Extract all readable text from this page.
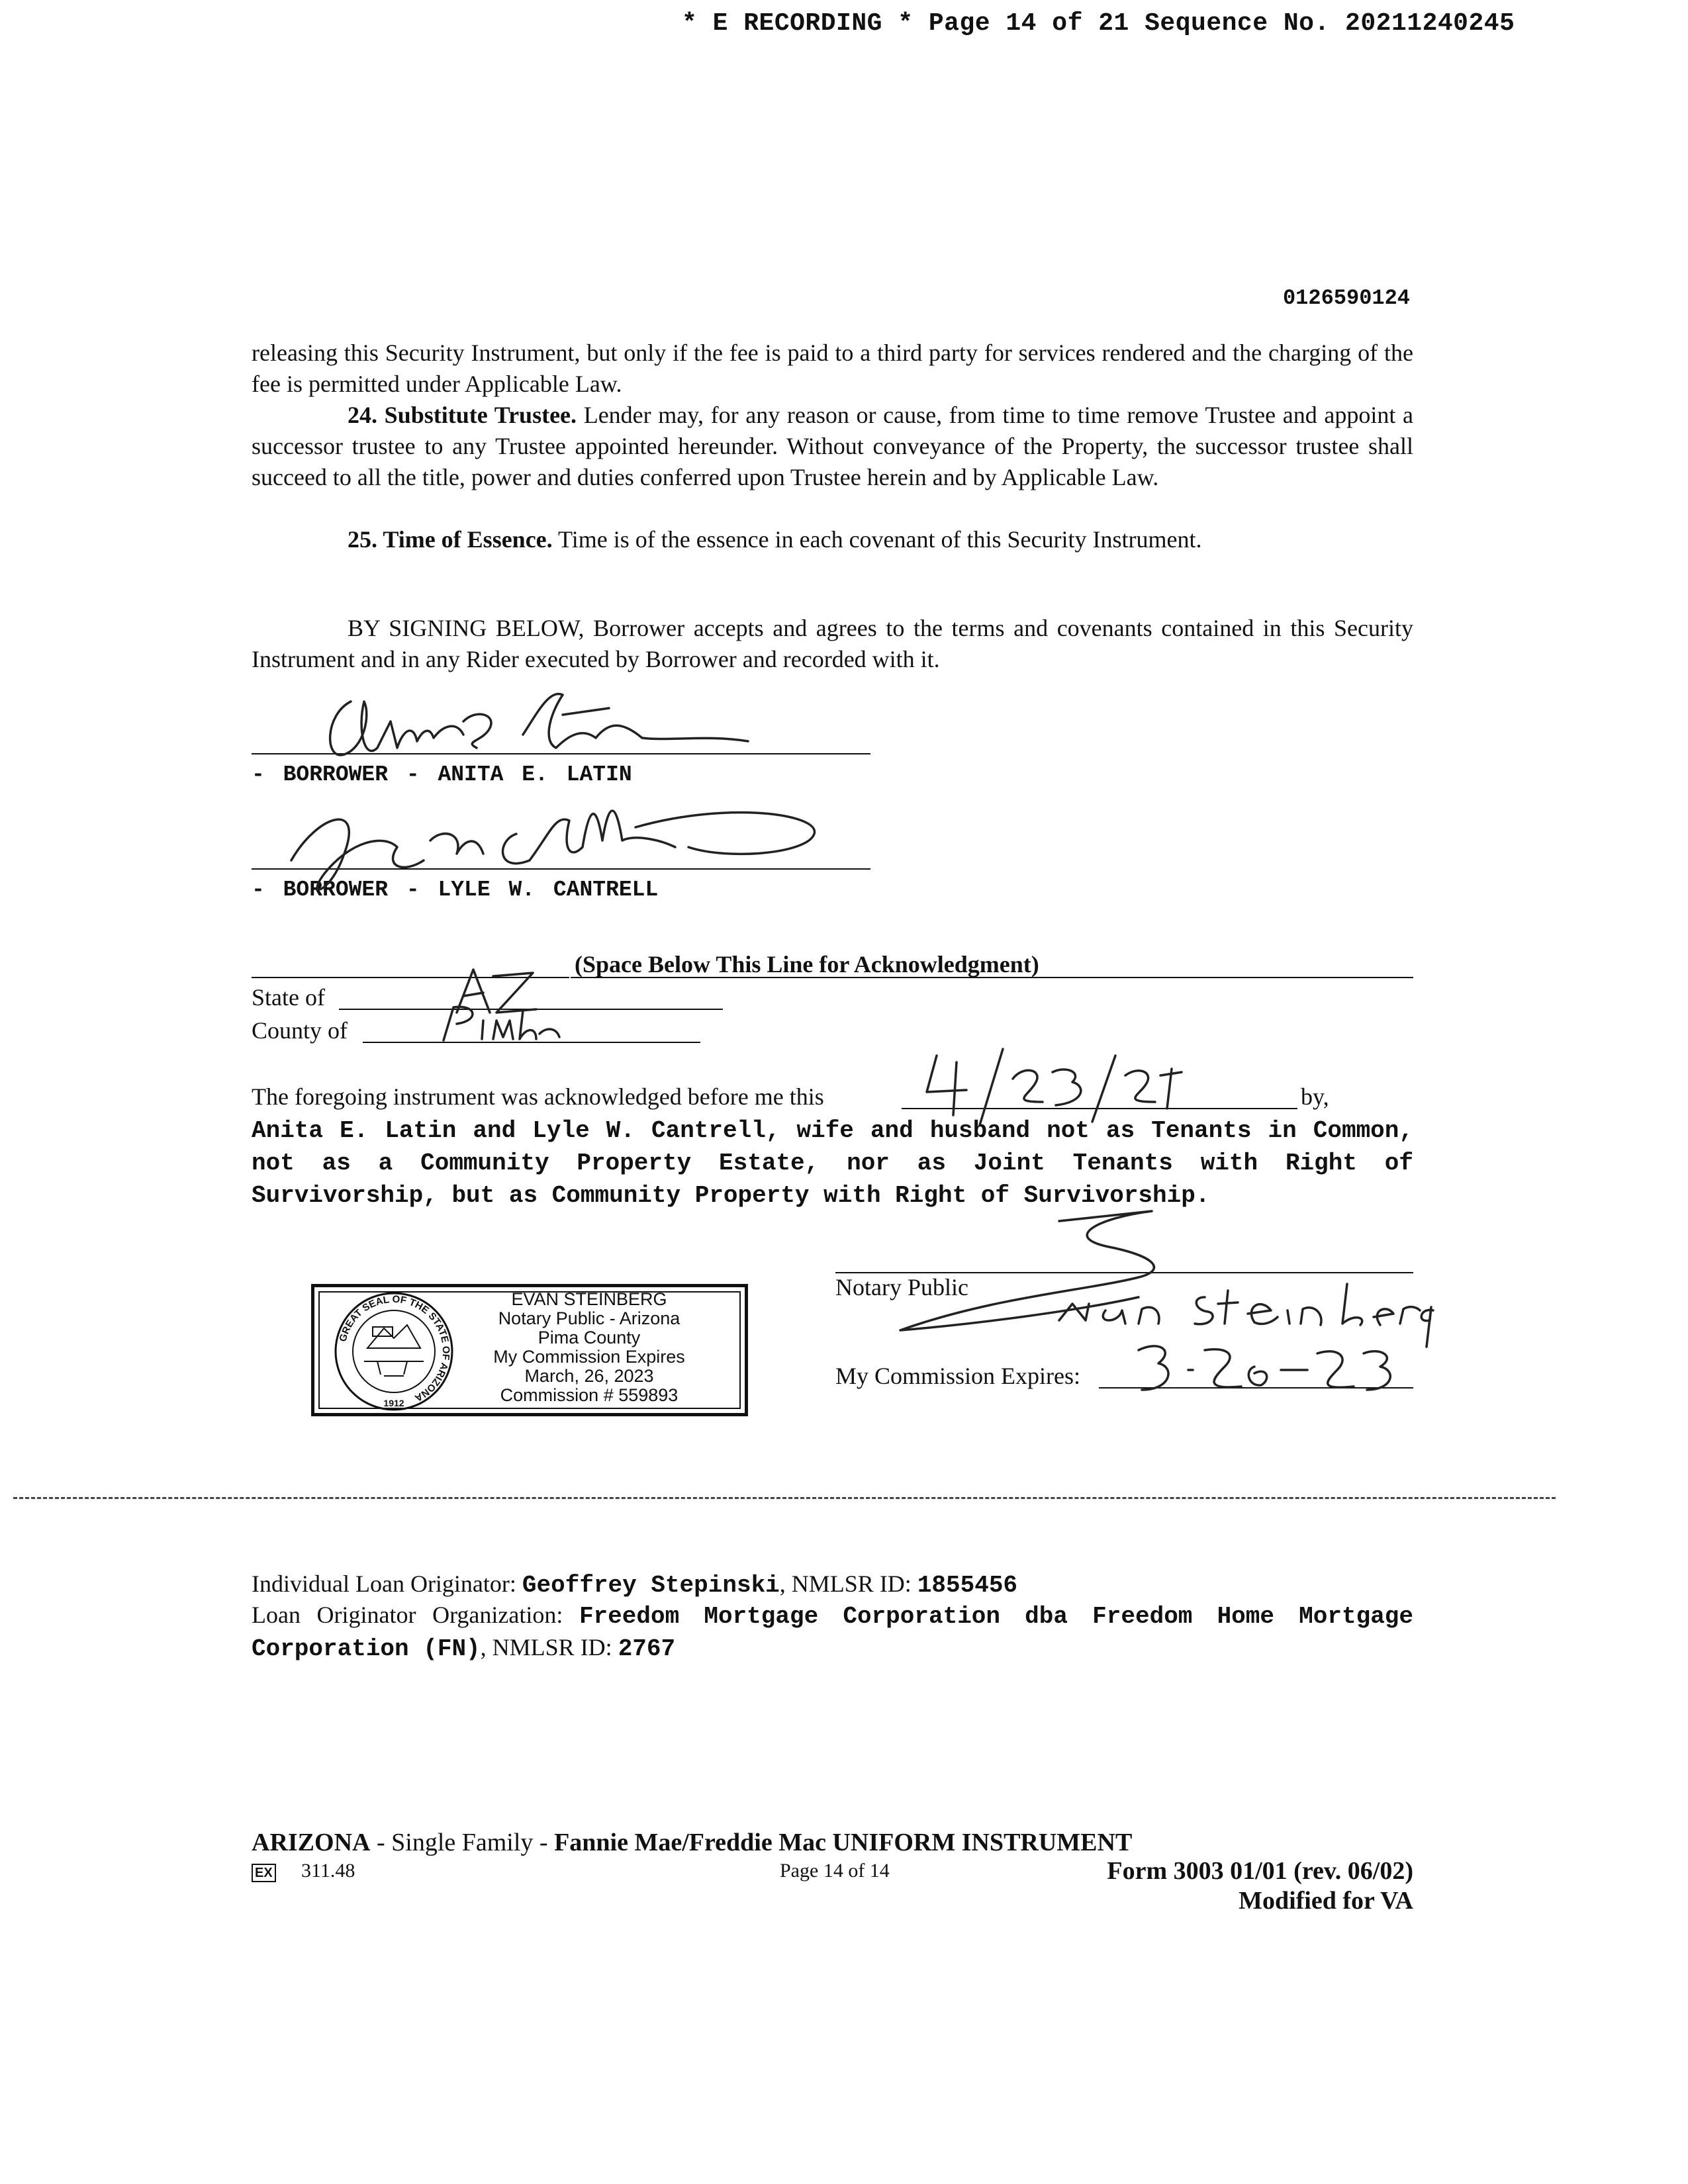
* E RECORDING * Page 14 of 21 Sequence No. 20211240245
0126590124
releasing this Security Instrument, but only if the fee is paid to a third party for services rendered and the charging of the fee is permitted under Applicable Law.
24. Substitute Trustee. Lender may, for any reason or cause, from time to time remove Trustee and appoint a successor trustee to any Trustee appointed hereunder. Without conveyance of the Property, the successor trustee shall succeed to all the title, power and duties conferred upon Trustee herein and by Applicable Law.
25. Time of Essence. Time is of the essence in each covenant of this Security Instrument.
BY SIGNING BELOW, Borrower accepts and agrees to the terms and covenants contained in this Security Instrument and in any Rider executed by Borrower and recorded with it.
- BORROWER - ANITA E. LATIN
- BORROWER - LYLE W. CANTRELL
(Space Below This Line for Acknowledgment)
State of
County of
The foregoing instrument was acknowledged before me this	by,
Anita E. Latin and Lyle W. Cantrell, wife and husband not as Tenants in Common, not as a Community Property Estate, nor as Joint Tenants with Right of Survivorship, but as Community Property with Right of Survivorship.
Notary Public
My Commission Expires:
GREAT SEAL OF THE STATE OF ARIZONA
1912
EVAN STEINBERG
Notary Public - Arizona
Pima County
My Commission Expires
March, 26, 2023
Commission # 559893
Individual Loan Originator: Geoffrey Stepinski, NMLSR ID: 1855456
Loan Originator Organization: Freedom Mortgage Corporation dba Freedom Home Mortgage Corporation (FN), NMLSR ID: 2767
ARIZONA - Single Family - Fannie Mae/Freddie Mac UNIFORM INSTRUMENT
EX 311.48	Page 14 of 14	Form 3003 01/01 (rev. 06/02)
Modified for VA
